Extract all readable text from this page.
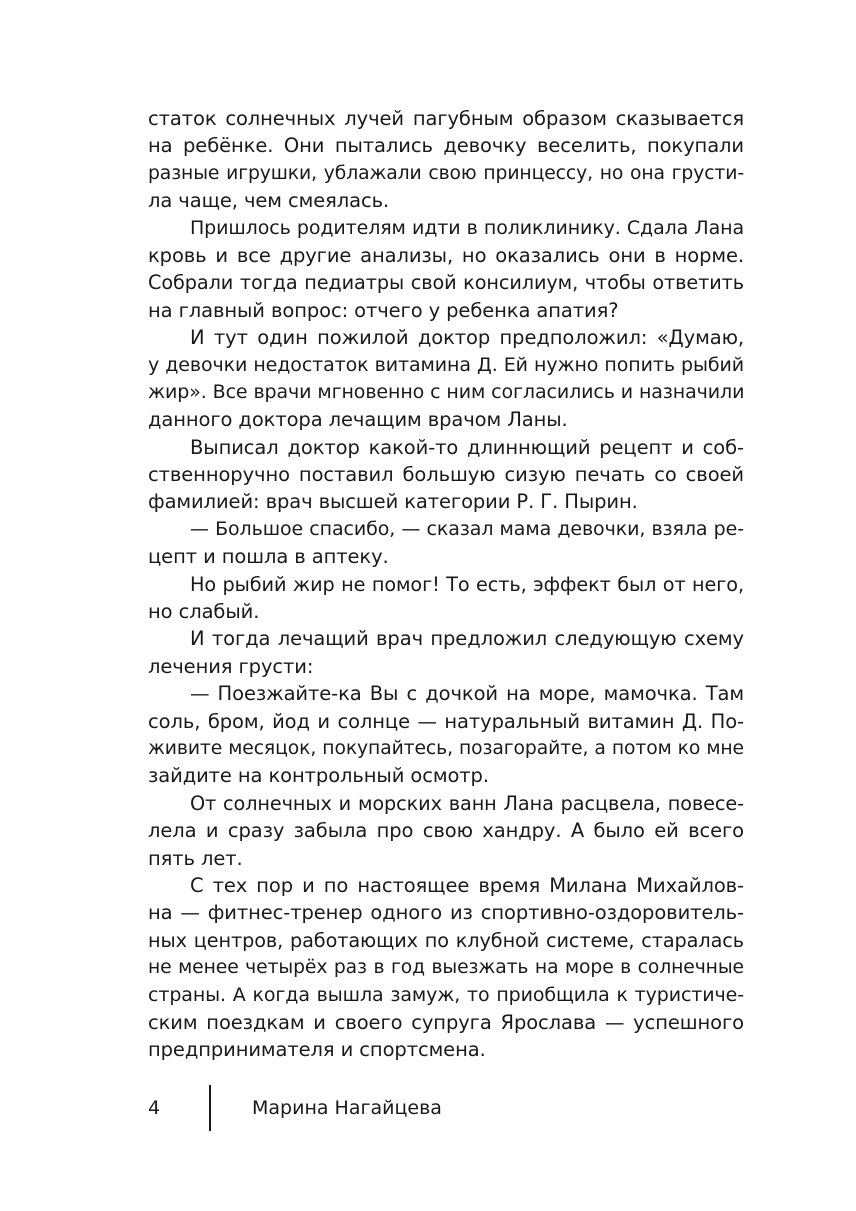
статок солнечных лучей пагубным образом сказывается
на ребёнке. Они пытались девочку веселить, покупали
разные игрушки, ублажали свою принцессу, но она грусти-
ла чаще, чем смеялась.
Пришлось родителям идти в поликлинику. Сдала Лана
кровь и все другие анализы, но оказались они в норме.
Собрали тогда педиатры свой консилиум, чтобы ответить
на главный вопрос: отчего у ребенка апатия?
И тут один пожилой доктор предположил: «Думаю,
у девочки недостаток витамина Д. Ей нужно попить рыбий
жир». Все врачи мгновенно с ним согласились и назначили
данного доктора лечащим врачом Ланы.
Выписал доктор какой-то длиннющий рецепт и соб-
ственноручно поставил большую сизую печать со своей
фамилией: врач высшей категории Р. Г. Пырин.
— Большое спасибо, — сказал мама девочки, взяла ре-
цепт и пошла в аптеку.
Но рыбий жир не помог! То есть, эффект был от него,
но слабый.
И тогда лечащий врач предложил следующую схему
лечения грусти:
— Поезжайте-ка Вы с дочкой на море, мамочка. Там
соль, бром, йод и солнце — натуральный витамин Д. По-
живите месяцок, покупайтесь, позагорайте, а потом ко мне
зайдите на контрольный осмотр.
От солнечных и морских ванн Лана расцвела, повесе-
лела и сразу забыла про свою хандру. А было ей всего
пять лет.
С тех пор и по настоящее время Милана Михайлов-
на — фитнес-тренер одного из спортивно-оздоровитель-
ных центров, работающих по клубной системе, старалась
не менее четырёх раз в год выезжать на море в солнечные
страны. А когда вышла замуж, то приобщила к туристиче-
ским поездкам и своего супруга Ярослава — успешного
предпринимателя и спортсмена.
4	Марина Нагайцева
